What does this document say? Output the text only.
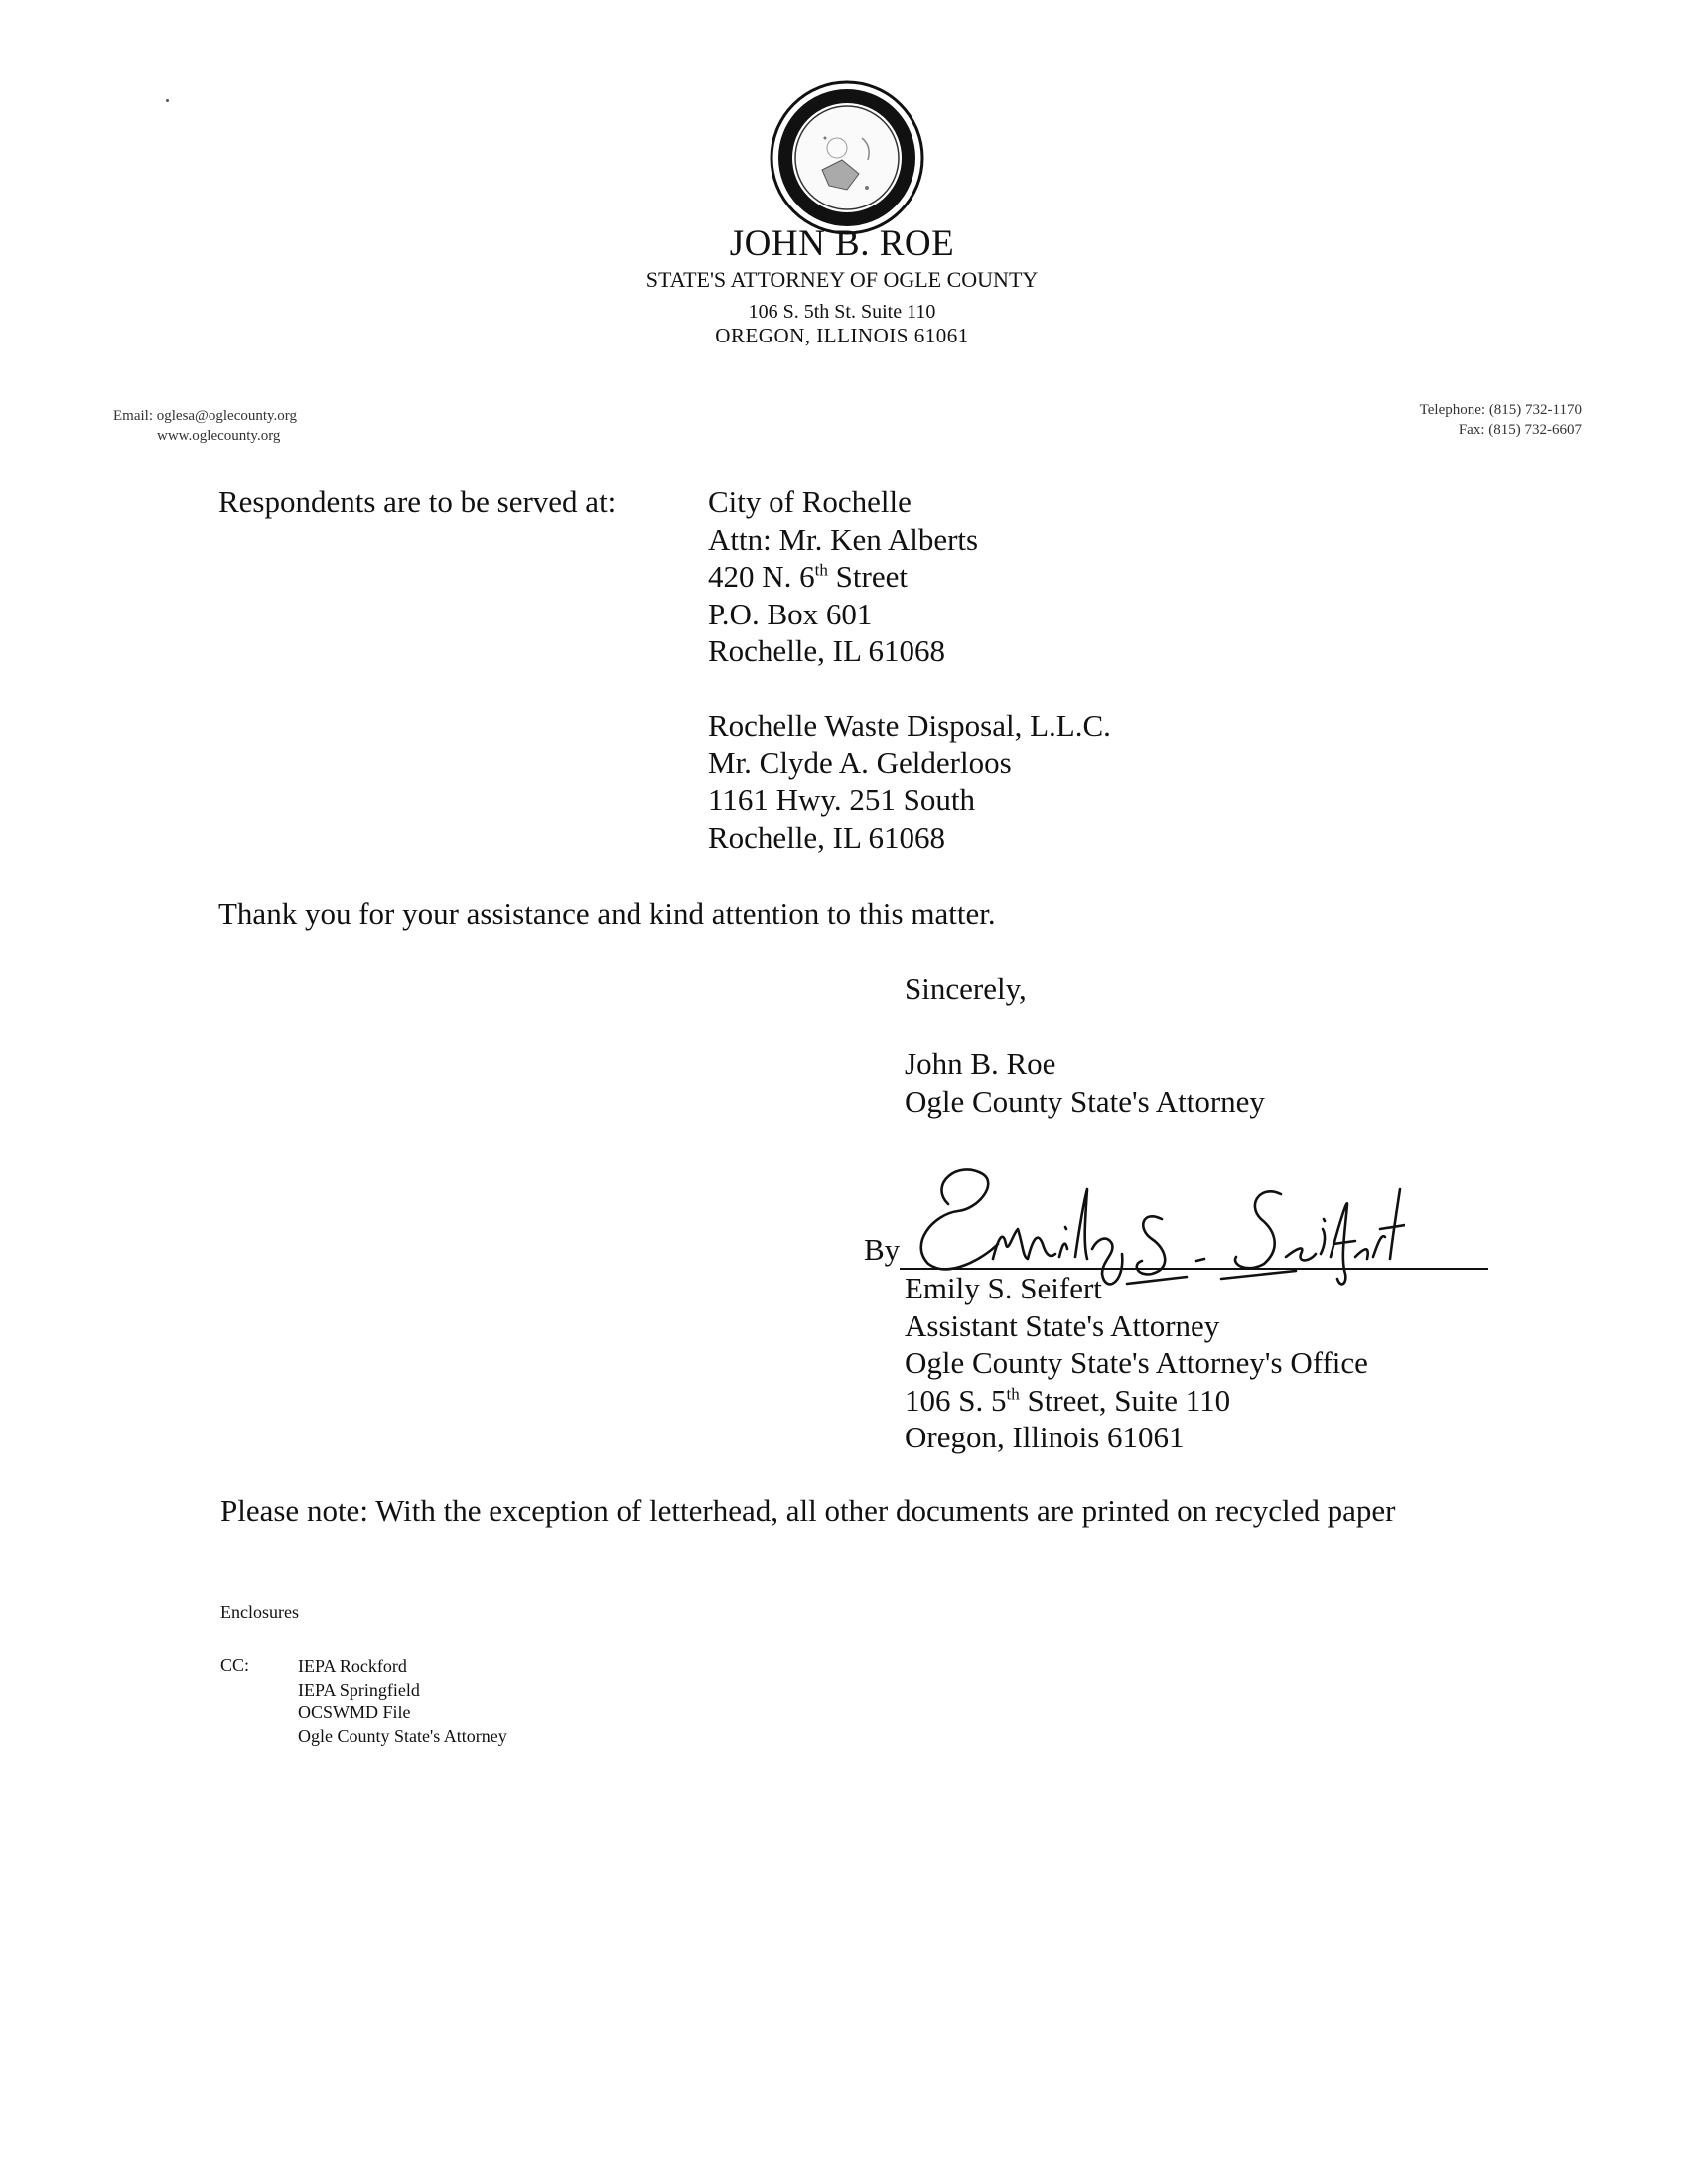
JOHN B. ROE
STATE'S ATTORNEY OF OGLE COUNTY
106 S. 5th St. Suite 110
OREGON, ILLINOIS 61061
Email: oglesa@oglecounty.org
www.oglecounty.org
Telephone: (815) 732-1170
Fax: (815) 732-6607
Respondents are to be served at:	City of Rochelle
Attn: Mr. Ken Alberts
420 N. 6th Street
P.O. Box 601
Rochelle, IL 61068
Rochelle Waste Disposal, L.L.C.
Mr. Clyde A. Gelderloos
1161 Hwy. 251 South
Rochelle, IL 61068
Thank you for your assistance and kind attention to this matter.
Sincerely,
John B. Roe
Ogle County State's Attorney
By
Emily S. Seifert
Assistant State's Attorney
Ogle County State's Attorney's Office
106 S. 5th Street, Suite 110
Oregon, Illinois 61061
Please note: With the exception of letterhead, all other documents are printed on recycled paper
Enclosures
CC:	IEPA Rockford
IEPA Springfield
OCSWMD File
Ogle County State's Attorney
